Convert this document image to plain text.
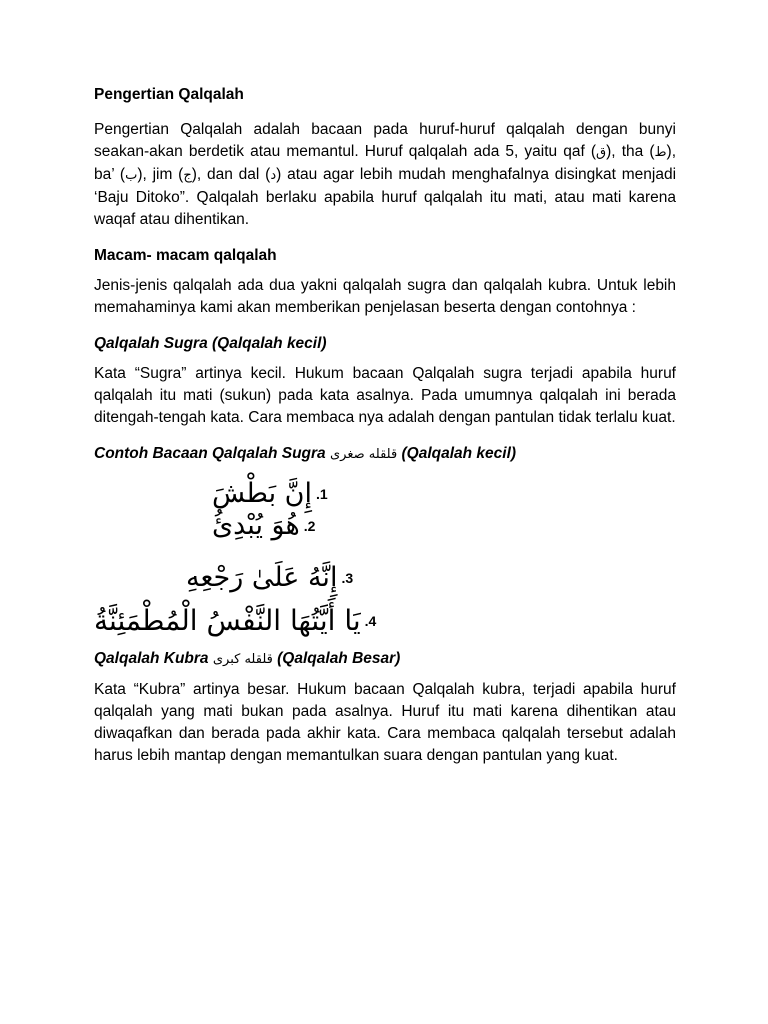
Pengertian Qalqalah

Pengertian Qalqalah adalah bacaan pada huruf-huruf qalqalah dengan bunyi seakan-akan berdetik atau memantul. Huruf qalqalah ada 5, yaitu qaf (ق), tha (ط), ba’ (ب), jim (ج), dan dal (د) atau agar lebih mudah menghafalnya disingkat menjadi ‘Baju Ditoko”. Qalqalah berlaku apabila huruf qalqalah itu mati, atau mati karena waqaf atau dihentikan.

Macam- macam qalqalah

Jenis-jenis qalqalah ada dua yakni qalqalah sugra dan qalqalah kubra. Untuk lebih memahaminya kami akan memberikan penjelasan beserta dengan contohnya :

Qalqalah Sugra (Qalqalah kecil)

Kata “Sugra” artinya kecil. Hukum bacaan Qalqalah sugra terjadi apabila huruf qalqalah itu mati (sukun) pada kata asalnya. Pada umumnya qalqalah ini berada ditengah-tengah kata. Cara membaca nya adalah dengan pantulan tidak terlalu kuat.

Contoh Bacaan Qalqalah Sugra قلقله صغرى (Qalqalah kecil)
إِنَّ بَطْشَ .1
هُوَ يُبْدِئُ .2
إِنَّهُ عَلَىٰ رَجْعِهِ .3
يَا أَيَّتُهَا النَّفْسُ الْمُطْمَئِنَّةُ .4
Qalqalah Kubra قلقله كبرى (Qalqalah Besar)

Kata “Kubra” artinya besar. Hukum bacaan Qalqalah kubra, terjadi apabila huruf qalqalah yang mati bukan pada asalnya. Huruf itu mati karena dihentikan atau diwaqafkan dan berada pada akhir kata. Cara membaca qalqalah tersebut adalah harus lebih mantap dengan memantulkan suara dengan pantulan yang kuat.
